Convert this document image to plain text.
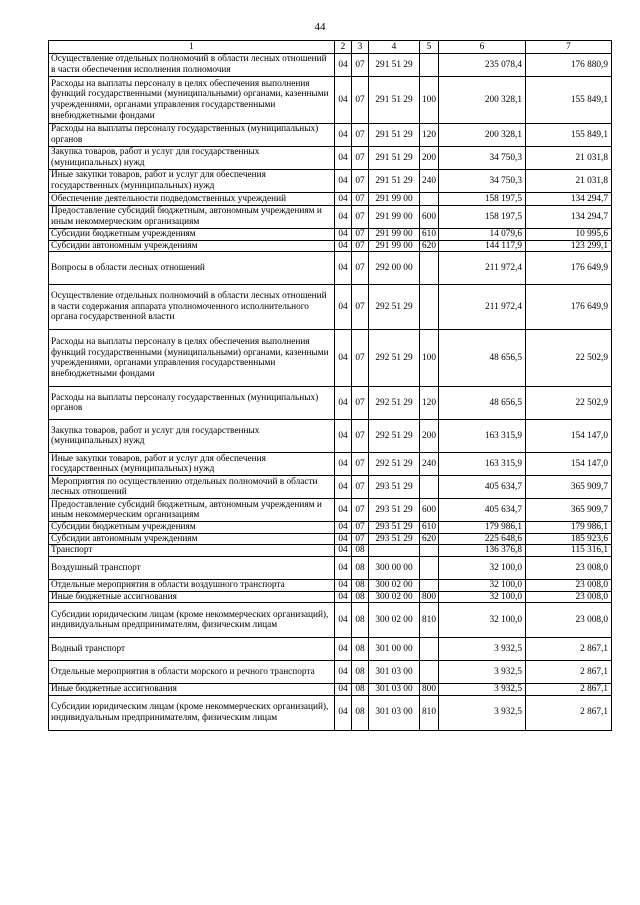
44
1	2	3	4	5	6	7
Осуществление отдельных полномочий в области лесных отношений в части обеспечения исполнения полномочия	04	07	291 51 29		235 078,4	176 880,9
Расходы на выплаты персоналу в целях обеспечения выполнения функций государственными (муниципальными) органами, казенными учреждениями, органами управления государственными внебюджетными фондами	04	07	291 51 29	100	200 328,1	155 849,1
Расходы на выплаты персоналу государственных (муниципальных) органов	04	07	291 51 29	120	200 328,1	155 849,1
Закупка товаров, работ и услуг для государственных (муниципальных) нужд	04	07	291 51 29	200	34 750,3	21 031,8
Иные закупки товаров, работ и услуг для обеспечения государственных (муниципальных) нужд	04	07	291 51 29	240	34 750,3	21 031,8
Обеспечение деятельности подведомственных учреждений	04	07	291 99 00		158 197,5	134 294,7
Предоставление субсидий бюджетным, автономным учреждениям и иным некоммерческим организациям	04	07	291 99 00	600	158 197,5	134 294,7
Субсидии бюджетным учреждениям	04	07	291 99 00	610	14 079,6	10 995,6
Субсидии автономным учреждениям	04	07	291 99 00	620	144 117,9	123 299,1
Вопросы в области лесных отношений	04	07	292 00 00		211 972,4	176 649,9
Осуществление отдельных полномочий в области лесных отношений в части содержания аппарата уполномоченного исполнительного органа государственной власти	04	07	292 51 29		211 972,4	176 649,9
Расходы на выплаты персоналу в целях обеспечения выполнения функций государственными (муниципальными) органами, казенными учреждениями, органами управления государственными внебюджетными фондами	04	07	292 51 29	100	48 656,5	22 502,9
Расходы на выплаты персоналу государственных (муниципальных) органов	04	07	292 51 29	120	48 656,5	22 502,9
Закупка товаров, работ и услуг для государственных (муниципальных) нужд	04	07	292 51 29	200	163 315,9	154 147,0
Иные закупки товаров, работ и услуг для обеспечения государственных (муниципальных) нужд	04	07	292 51 29	240	163 315,9	154 147,0
Мероприятия по осуществлению отдельных полномочий в области лесных отношений	04	07	293 51 29		405 634,7	365 909,7
Предоставление субсидий бюджетным, автономным учреждениям и иным некоммерческим организациям	04	07	293 51 29	600	405 634,7	365 909,7
Субсидии бюджетным учреждениям	04	07	293 51 29	610	179 986,1	179 986,1
Субсидии автономным учреждениям	04	07	293 51 29	620	225 648,6	185 923,6
Транспорт	04	08			136 376,8	115 316,1
Воздушный транспорт	04	08	300 00 00		32 100,0	23 008,0
Отдельные мероприятия в области воздушного транспорта	04	08	300 02 00		32 100,0	23 008,0
Иные бюджетные ассигнования	04	08	300 02 00	800	32 100,0	23 008,0
Субсидии юридическим лицам (кроме некоммерческих организаций), индивидуальным предпринимателям, физическим лицам	04	08	300 02 00	810	32 100,0	23 008,0
Водный транспорт	04	08	301 00 00		3 932,5	2 867,1
Отдельные мероприятия в области морского и речного транспорта	04	08	301 03 00		3 932,5	2 867,1
Иные бюджетные ассигнования	04	08	301 03 00	800	3 932,5	2 867,1
Субсидии юридическим лицам (кроме некоммерческих организаций), индивидуальным предпринимателям, физическим лицам	04	08	301 03 00	810	3 932,5	2 867,1
